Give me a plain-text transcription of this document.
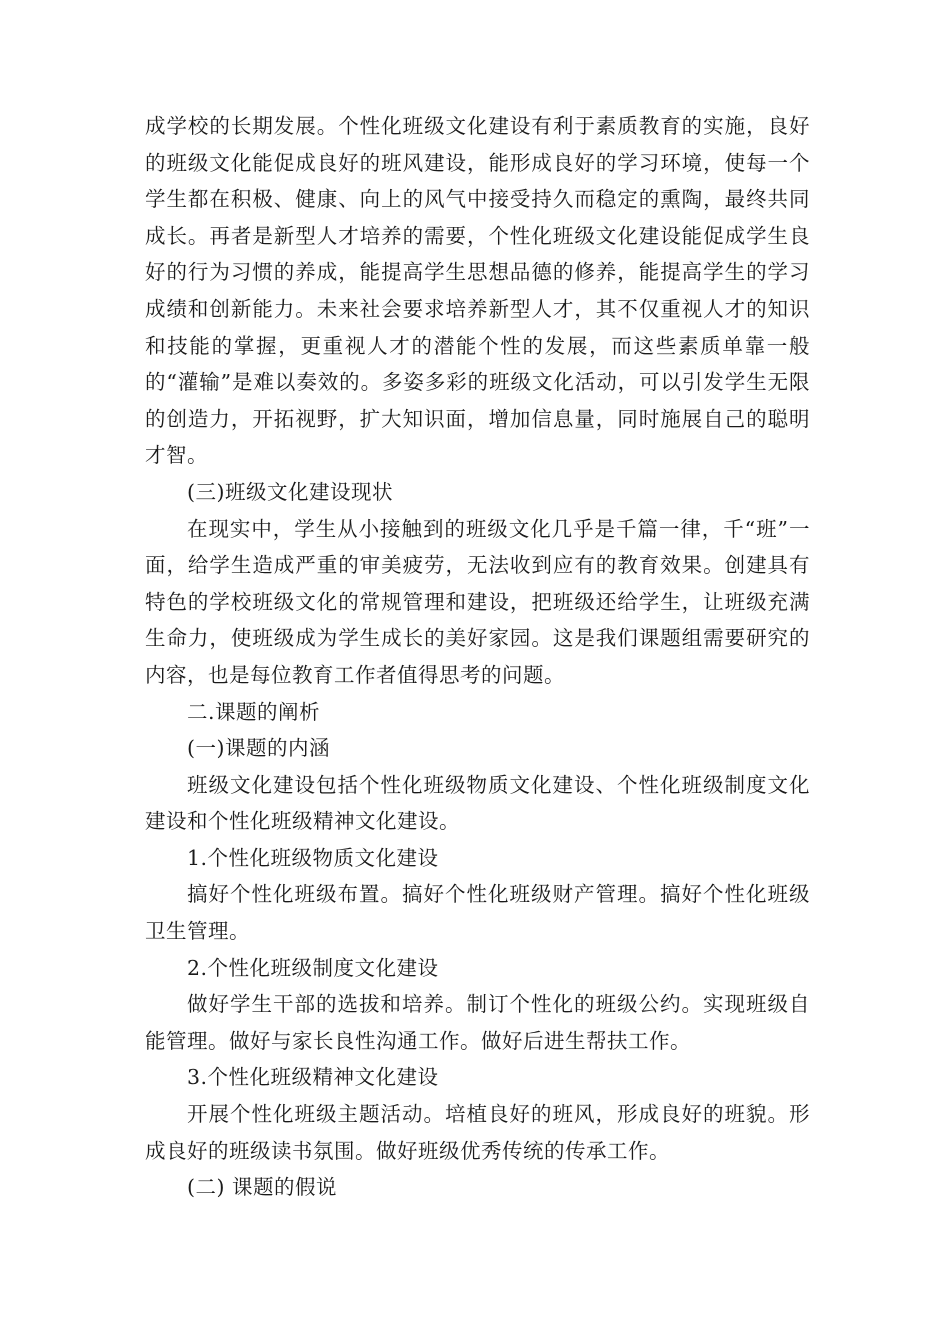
成学校的长期发展。个性化班级文化建设有利于素质教育的实施，良好的班级文化能促成良好的班风建设，能形成良好的学习环境，使每一个学生都在积极、健康、向上的风气中接受持久而稳定的熏陶，最终共同成长。再者是新型人才培养的需要，个性化班级文化建设能促成学生良好的行为习惯的养成，能提高学生思想品德的修养，能提高学生的学习成绩和创新能力。未来社会要求培养新型人才，其不仅重视人才的知识和技能的掌握，更重视人才的潜能个性的发展，而这些素质单靠一般的“灌输”是难以奏效的。多姿多彩的班级文化活动，可以引发学生无限的创造力，开拓视野，扩大知识面，增加信息量，同时施展自己的聪明才智。

(三)班级文化建设现状

在现实中，学生从小接触到的班级文化几乎是千篇一律，千“班”一面，给学生造成严重的审美疲劳，无法收到应有的教育效果。创建具有特色的学校班级文化的常规管理和建设，把班级还给学生，让班级充满生命力，使班级成为学生成长的美好家园。这是我们课题组需要研究的内容，也是每位教育工作者值得思考的问题。

二.课题的阐析

(一)课题的内涵

班级文化建设包括个性化班级物质文化建设、个性化班级制度文化建设和个性化班级精神文化建设。

1.个性化班级物质文化建设

搞好个性化班级布置。搞好个性化班级财产管理。搞好个性化班级卫生管理。

2.个性化班级制度文化建设

做好学生干部的选拔和培养。制订个性化的班级公约。实现班级自能管理。做好与家长良性沟通工作。做好后进生帮扶工作。

3.个性化班级精神文化建设

开展个性化班级主题活动。培植良好的班风，形成良好的班貌。形成良好的班级读书氛围。做好班级优秀传统的传承工作。

(二) 课题的假说
